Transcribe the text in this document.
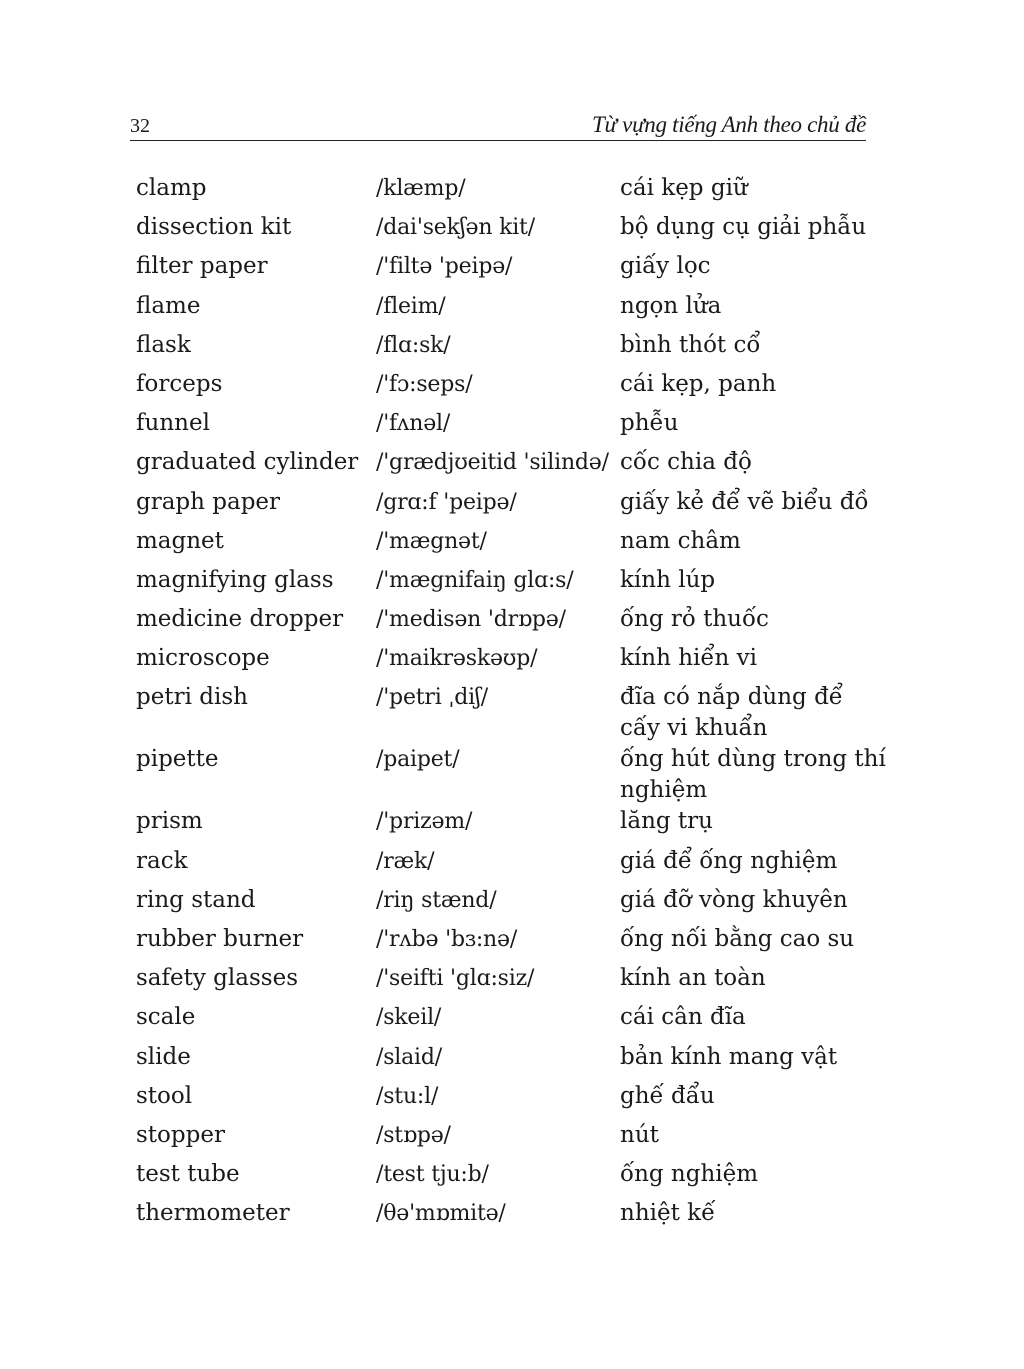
32	Từ vựng tiếng Anh theo chủ đề
clamp	/klæmp/	cái kẹp giữ
dissection kit	/dai'sekʃən kit/	bộ dụng cụ giải phẫu
filter paper	/'filtə 'peipə/	giấy lọc
flame	/fleim/	ngọn lửa
flask	/flɑ:sk/	bình thót cổ
forceps	/'fɔ:seps/	cái kẹp, panh
funnel	/'fʌnəl/	phễu
graduated cylinder /'grædjʊeitid 'silində/ cốc chia độ
graph paper	/grɑ:f 'peipə/	giấy kẻ để vẽ biểu đồ
magnet	/'mægnət/	nam châm
magnifying glass	/'mægnifaiŋ glɑ:s/	kính lúp
medicine dropper	/'medisən 'drɒpə/	ống rỏ thuốc
microscope	/'maikrəskəʊp/	kính hiển vi
petri dish	/'petri ˌdiʃ/	đĩa có nắp dùng để cấy vi khuẩn
pipette	/paipet/	ống hút dùng trong thí nghiệm
prism	/'prizəm/	lăng trụ
rack	/ræk/	giá để ống nghiệm
ring stand	/riŋ stænd/	giá đỡ vòng khuyên
rubber burner	/'rʌbə 'bɜ:nə/	ống nối bằng cao su
safety glasses	/'seifti 'glɑ:siz/	kính an toàn
scale	/skeil/	cái cân đĩa
slide	/slaid/	bản kính mang vật
stool	/stu:l/	ghế đẩu
stopper	/stɒpə/	nút
test tube	/test tju:b/	ống nghiệm
thermometer	/θə'mɒmitə/	nhiệt kế
